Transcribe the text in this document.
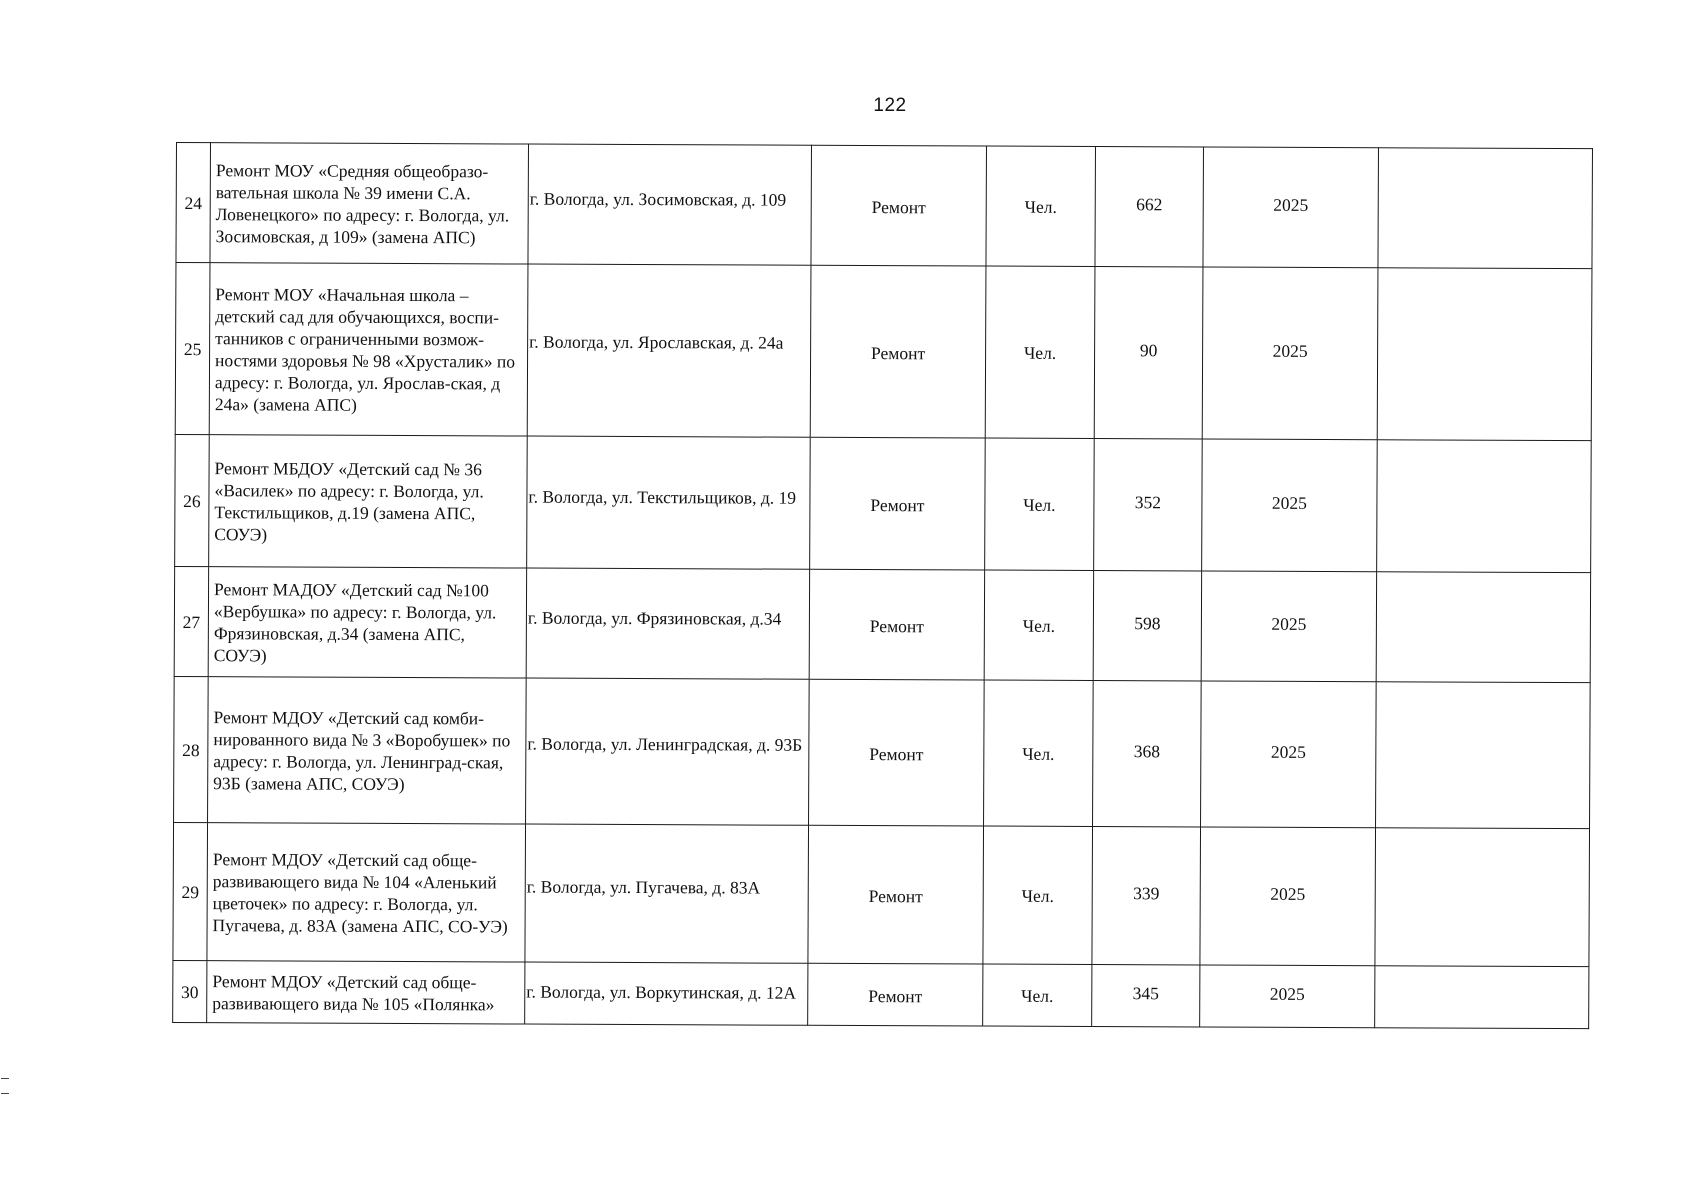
122
24	Ремонт МОУ «Средняя общеобразо-вательная школа № 39 имени С.А. Ловенецкого» по адресу: г. Вологда, ул. Зосимовская, д 109» (замена АПС)	г. Вологда, ул. Зосимовская, д. 109	Ремонт	Чел.	662	2025	
25	Ремонт МОУ «Начальная школа – детский сад для обучающихся, воспи-танников с ограниченными возмож-ностями здоровья № 98 «Хрусталик» по адресу: г. Вологда, ул. Ярослав-ская, д 24а» (замена АПС)	г. Вологда, ул. Ярославская, д. 24а	Ремонт	Чел.	90	2025	
26	Ремонт МБДОУ «Детский сад № 36 «Василек» по адресу: г. Вологда, ул. Текстильщиков, д.19 (замена АПС, СОУЭ)	г. Вологда, ул. Текстильщиков, д. 19	Ремонт	Чел.	352	2025	
27	Ремонт МАДОУ «Детский сад №100 «Вербушка» по адресу: г. Вологда, ул. Фрязиновская, д.34 (замена АПС, СОУЭ)	г. Вологда, ул. Фрязиновская, д.34	Ремонт	Чел.	598	2025	
28	Ремонт МДОУ «Детский сад комби-нированного вида № 3 «Воробушек» по адресу: г. Вологда, ул. Ленинград-ская, 93Б (замена АПС, СОУЭ)	г. Вологда, ул. Ленинградская, д. 93Б	Ремонт	Чел.	368	2025	
29	Ремонт МДОУ «Детский сад обще-развивающего вида № 104 «Аленький цветочек» по адресу: г. Вологда, ул. Пугачева, д. 83А (замена АПС, СО-УЭ)	г. Вологда, ул. Пугачева, д. 83А	Ремонт	Чел.	339	2025	
30	Ремонт МДОУ «Детский сад обще-развивающего вида № 105 «Полянка»	г. Вологда, ул. Воркутинская, д. 12А	Ремонт	Чел.	345	2025	
